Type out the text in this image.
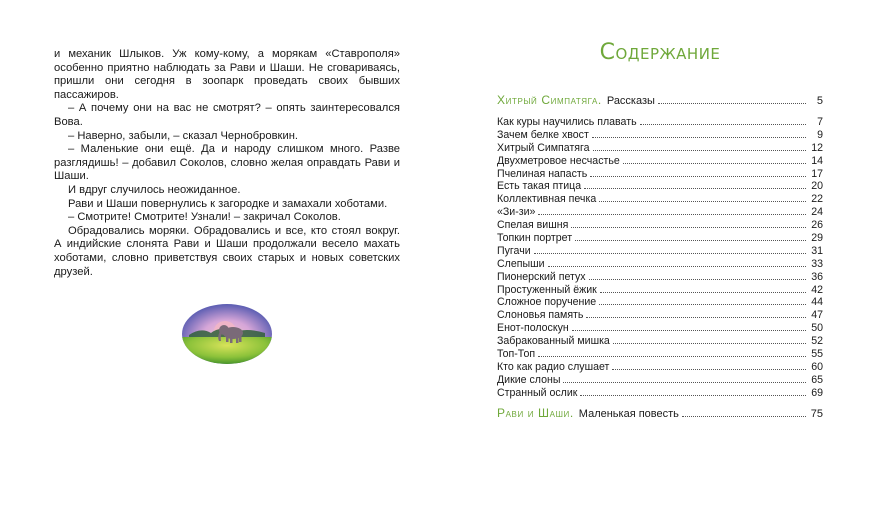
и механик Шлыков. Уж кому-кому, а морякам «Ставрополя» особенно приятно наблюдать за Рави и Шаши. Не сговариваясь, пришли они сегодня в зоопарк проведать своих бывших пассажиров.

– А почему они на вас не смотрят? – опять заинтересовался Вова.

– Наверно, забыли, – сказал Чернобровкин.

– Маленькие они ещё. Да и народу слишком много. Разве разглядишь! – добавил Соколов, словно желая оправдать Рави и Шаши.

И вдруг случилось неожиданное.

Рави и Шаши повернулись к загородке и замахали хоботами.

– Смотрите! Смотрите! Узнали! – закричал Соколов.

Обрадовались моряки. Обрадовались и все, кто стоял вокруг. А индийские слонята Рави и Шаши продолжали весело махать хоботами, словно приветствуя своих старых и новых советских друзей.

Содержание
Хитрый Симпатяга. Рассказы	5
Как куры научились плавать	7
Зачем белке хвост	9
Хитрый Симпатяга	12
Двухметровое несчастье	14
Пчелиная напасть	17
Есть такая птица	20
Коллективная печка	22
«Зи-зи»	24
Спелая вишня	26
Топкин портрет	29
Пугачи	31
Слепыши	33
Пионерский петух	36
Простуженный ёжик	42
Сложное поручение	44
Слоновья память	47
Енот-полоскун	50
Забракованный мишка	52
Топ-Топ	55
Кто как радио слушает	60
Дикие слоны	65
Странный ослик	69
Рави и Шаши. Маленькая повесть	75
